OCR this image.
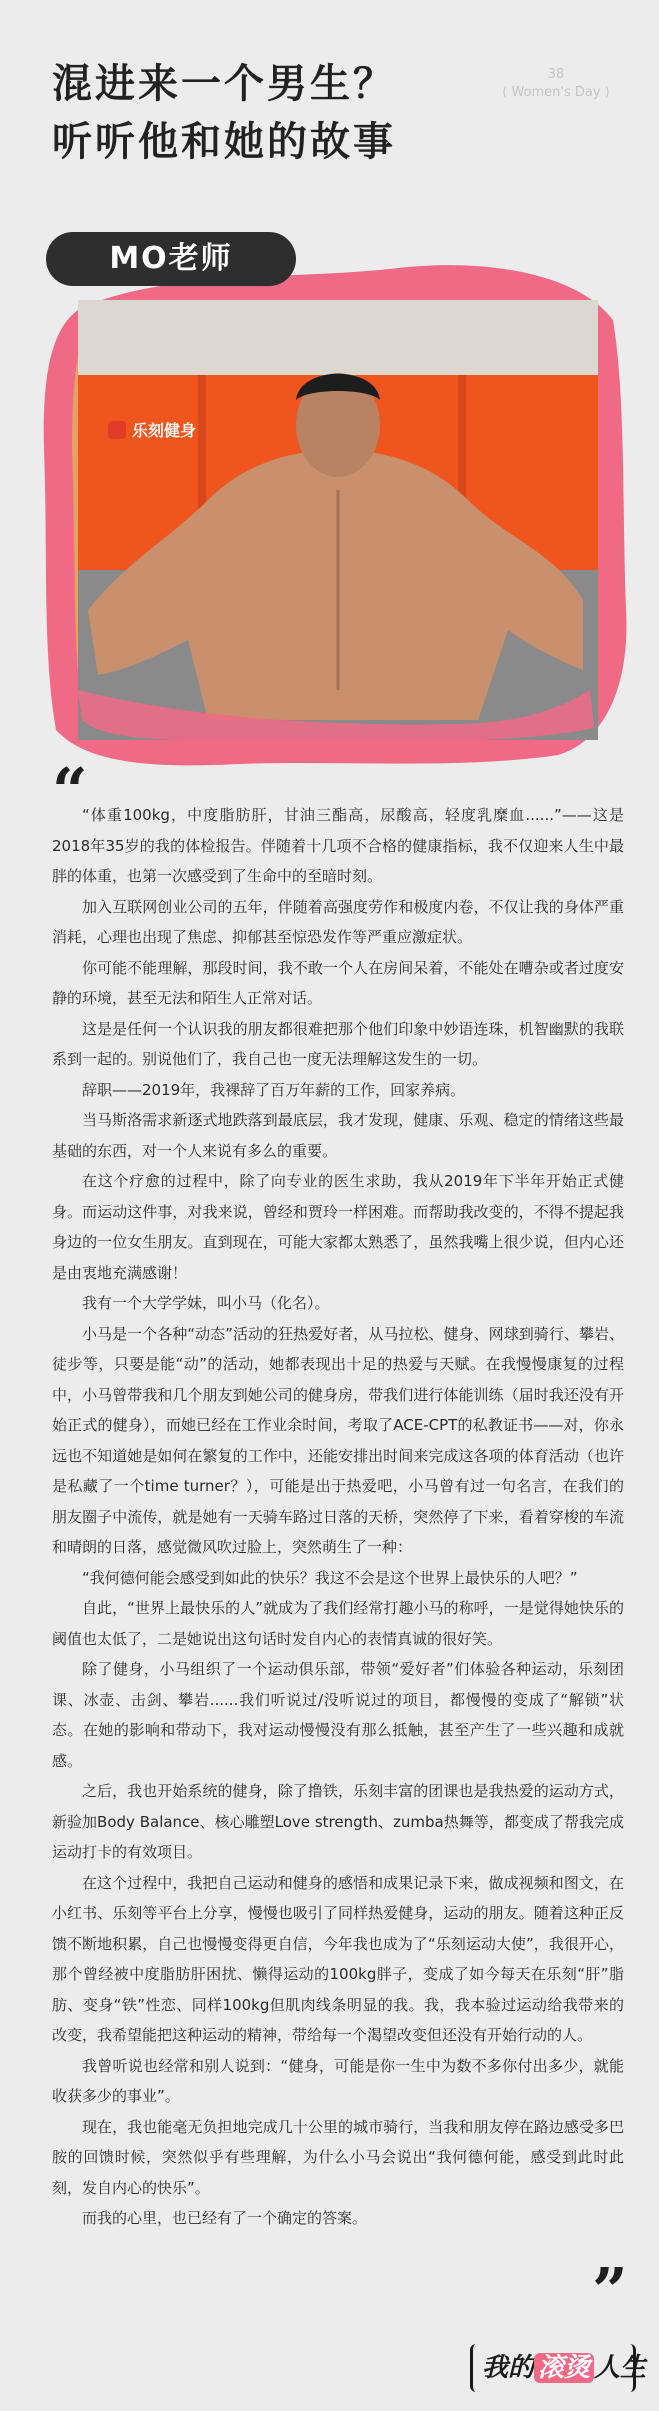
混进来一个男生？
听听他和她的故事
38
( Women's Day )
乐刻健身
MO老师
“

“体重100kg，中度脂肪肝，甘油三酯高，尿酸高，轻度乳糜血......”——这是2018年35岁的我的体检报告。伴随着十几项不合格的健康指标，我不仅迎来人生中最胖的体重，也第一次感受到了生命中的至暗时刻。

加入互联网创业公司的五年，伴随着高强度劳作和极度内卷，不仅让我的身体严重消耗，心理也出现了焦虑、抑郁甚至惊恐发作等严重应激症状。

你可能不能理解，那段时间，我不敢一个人在房间呆着，不能处在嘈杂或者过度安静的环境，甚至无法和陌生人正常对话。

这是是任何一个认识我的朋友都很难把那个他们印象中妙语连珠，机智幽默的我联系到一起的。别说他们了，我自己也一度无法理解这发生的一切。

辞职——2019年，我裸辞了百万年薪的工作，回家养病。

当马斯洛需求新逐式地跌落到最底层，我才发现，健康、乐观、稳定的情绪这些最基础的东西，对一个人来说有多么的重要。

在这个疗愈的过程中，除了向专业的医生求助，我从2019年下半年开始正式健身。而运动这件事，对我来说，曾经和贾玲一样困难。而帮助我改变的，不得不提起我身边的一位女生朋友。直到现在，可能大家都太熟悉了，虽然我嘴上很少说，但内心还是由衷地充满感谢！

我有一个大学学妹，叫小马（化名）。

小马是一个各种“动态”活动的狂热爱好者，从马拉松、健身、网球到骑行、攀岩、徒步等，只要是能“动”的活动，她都表现出十足的热爱与天赋。在我慢慢康复的过程中，小马曾带我和几个朋友到她公司的健身房，带我们进行体能训练（届时我还没有开始正式的健身），而她已经在工作业余时间，考取了ACE-CPT的私教证书——对，你永远也不知道她是如何在繁复的工作中，还能安排出时间来完成这各项的体育活动（也许是私藏了一个time turner？），可能是出于热爱吧，小马曾有过一句名言，在我们的朋友圈子中流传，就是她有一天骑车路过日落的天桥，突然停了下来，看着穿梭的车流和晴朗的日落，感觉微风吹过脸上，突然萌生了一种：

“我何德何能会感受到如此的快乐？我这不会是这个世界上最快乐的人吧？”

自此，“世界上最快乐的人”就成为了我们经常打趣小马的称呼，一是觉得她快乐的阈值也太低了，二是她说出这句话时发自内心的表情真诚的很好笑。

除了健身，小马组织了一个运动俱乐部，带领“爱好者”们体验各种运动，乐刻团课、冰壶、击剑、攀岩......我们听说过/没听说过的项目，都慢慢的变成了“解锁”状态。在她的影响和带动下，我对运动慢慢没有那么抵触，甚至产生了一些兴趣和成就感。

之后，我也开始系统的健身，除了撸铁，乐刻丰富的团课也是我热爱的运动方式，新验加Body Balance、核心雕塑Love strength、zumba热舞等，都变成了帮我完成运动打卡的有效项目。

在这个过程中，我把自己运动和健身的感悟和成果记录下来，做成视频和图文，在小红书、乐刻等平台上分享，慢慢也吸引了同样热爱健身，运动的朋友。随着这种正反馈不断地积累，自己也慢慢变得更自信，今年我也成为了“乐刻运动大使”，我很开心，那个曾经被中度脂肪肝困扰、懒得运动的100kg胖子，变成了如今每天在乐刻“肝”脂肪、变身“铁”性恋、同样100kg但肌肉线条明显的我。我，我本验过运动给我带来的改变，我希望能把这种运动的精神，带给每一个渴望改变但还没有开始行动的人。

我曾听说也经常和别人说到：“健身，可能是你一生中为数不多你付出多少，就能收获多少的事业”。

现在，我也能毫无负担地完成几十公里的城市骑行，当我和朋友停在路边感受多巴胺的回馈时候，突然似乎有些理解，为什么小马会说出“我何德何能，感受到此时此刻，发自内心的快乐”。

而我的心里，也已经有了一个确定的答案。

”
我的 滚烫 人生
